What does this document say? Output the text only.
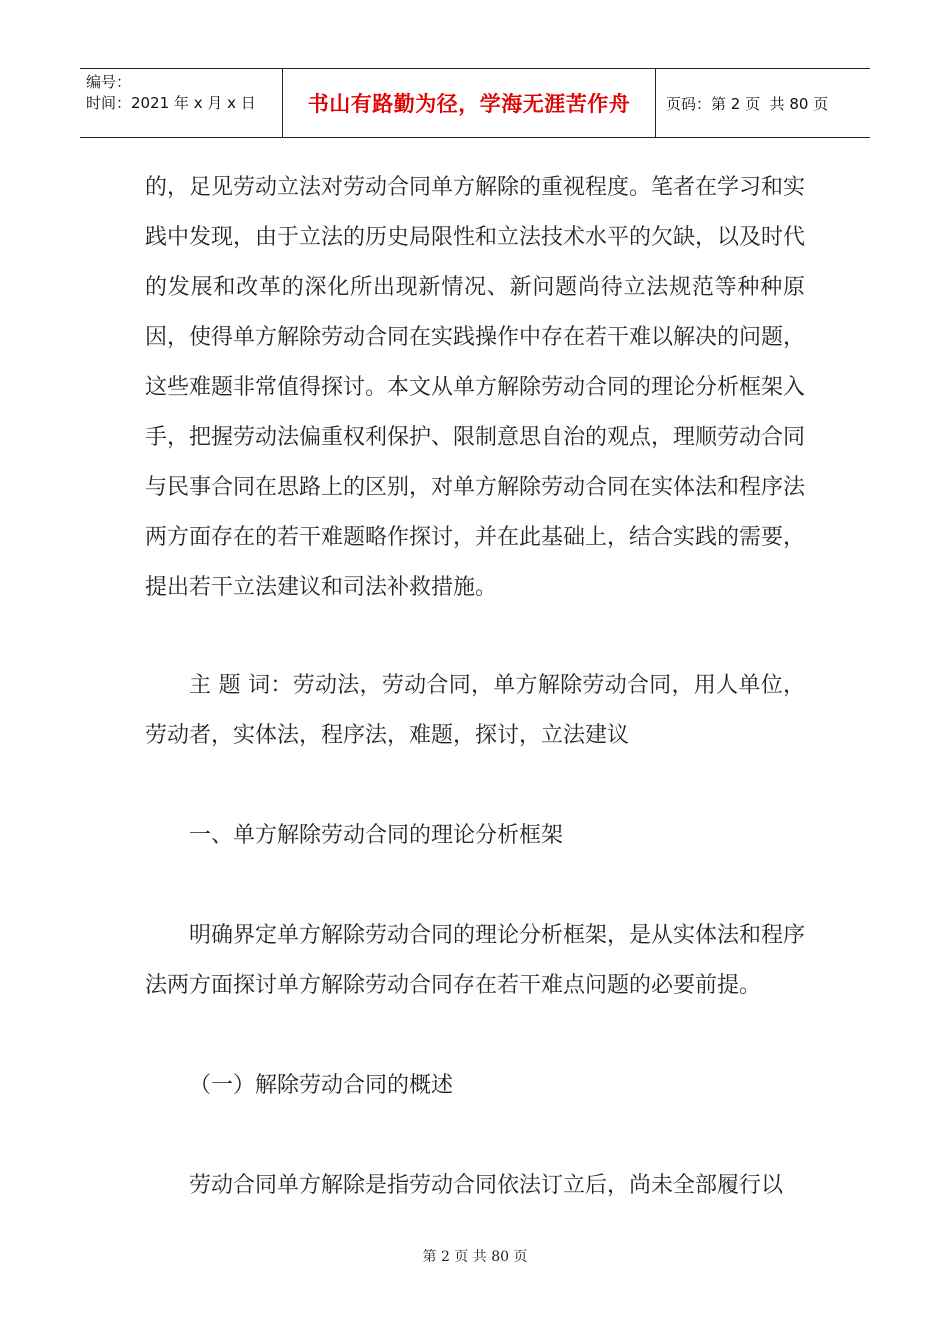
编号：
时间：2021 年 x 月 x 日	书山有路勤为径，学海无涯苦作舟 页码：第 2 页  共 80 页

的，足见劳动立法对劳动合同单方解除的重视程度。笔者在学习和实践中发现，由于立法的历史局限性和立法技术水平的欠缺，以及时代的发展和改革的深化所出现新情况、新问题尚待立法规范等种种原因，使得单方解除劳动合同在实践操作中存在若干难以解决的问题，这些难题非常值得探讨。本文从单方解除劳动合同的理论分析框架入手，把握劳动法偏重权利保护、限制意思自治的观点，理顺劳动合同与民事合同在思路上的区别，对单方解除劳动合同在实体法和程序法两方面存在的若干难题略作探讨，并在此基础上，结合实践的需要，提出若干立法建议和司法补救措施。

主 题 词：劳动法，劳动合同，单方解除劳动合同，用人单位，劳动者，实体法，程序法，难题，探讨，立法建议

一、单方解除劳动合同的理论分析框架

明确界定单方解除劳动合同的理论分析框架，是从实体法和程序法两方面探讨单方解除劳动合同存在若干难点问题的必要前提。

（一）解除劳动合同的概述

劳动合同单方解除是指劳动合同依法订立后，尚未全部履行以

第 2 页 共 80 页
